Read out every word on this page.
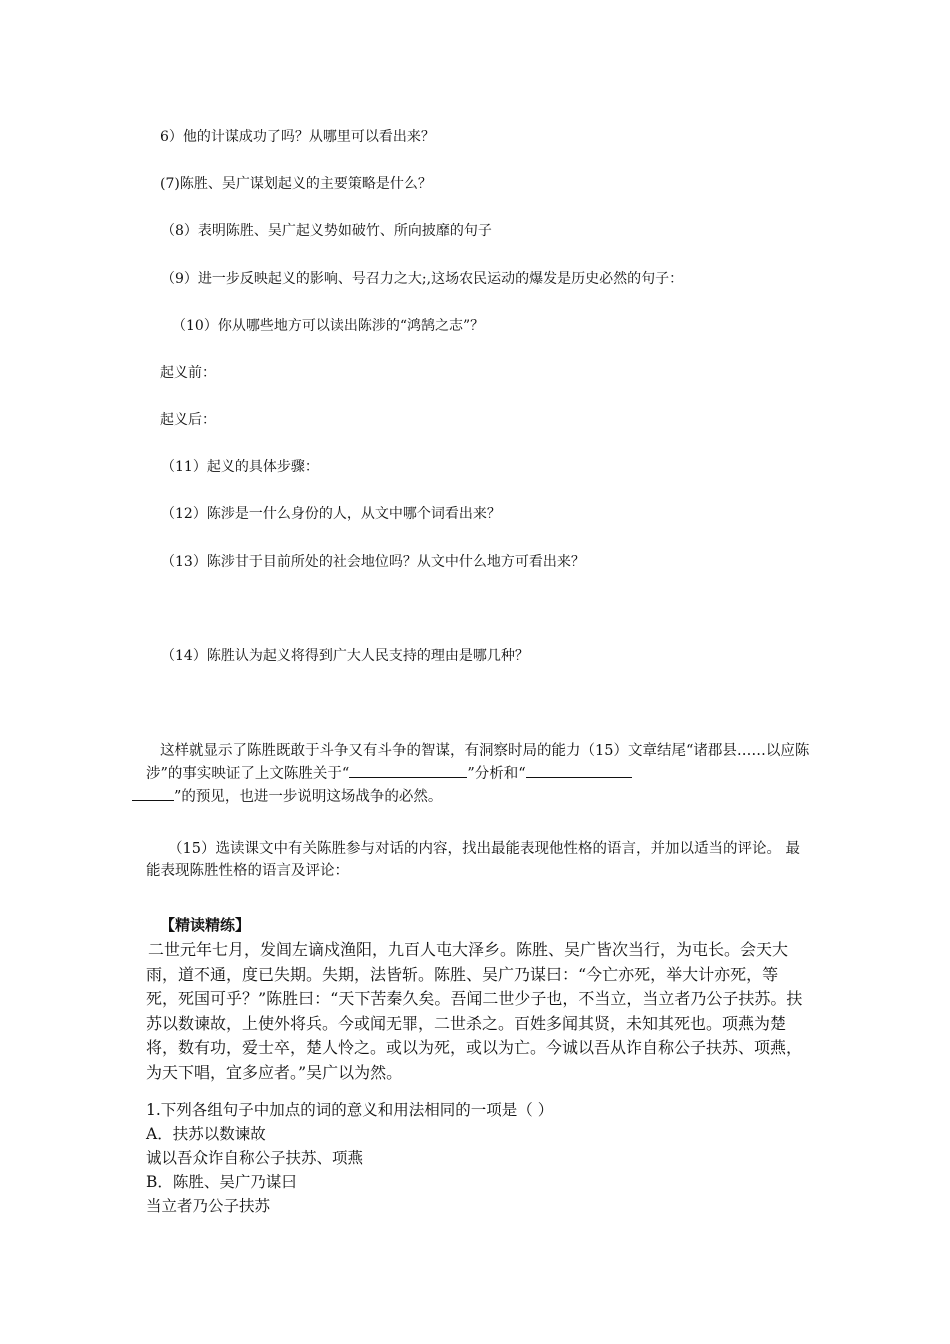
6）他的计谋成功了吗？从哪里可以看出来？
(7)陈胜、吴广谋划起义的主要策略是什么？
（8）表明陈胜、吴广起义势如破竹、所向披靡的句子
（9）进一步反映起义的影响、号召力之大;,这场农民运动的爆发是历史必然的句子：
（10）你从哪些地方可以读出陈涉的“鸿鹄之志”？
起义前：
起义后：
（11）起义的具体步骤：
（12）陈涉是一什么身份的人，从文中哪个词看出来？
（13）陈涉甘于目前所处的社会地位吗？从文中什么地方可看出来？
（14）陈胜认为起义将得到广大人民支持的理由是哪几种？
这样就显示了陈胜既敢于斗争又有斗争的智谋，有洞察时局的能力（15）文章结尾“诸郡县……以应陈涉”的事实映证了上文陈胜关于“	”分析和“
”的预见，也进一步说明这场战争的必然。
（15）选读课文中有关陈胜参与对话的内容，找出最能表现他性格的语言，并加以适当的评论。 最能表现陈胜性格的语言及评论：
【精读精练】
二世元年七月，发闾左谪戍渔阳，九百人屯大泽乡。陈胜、吴广皆次当行，为屯长。会天大雨，道不通，度已失期。失期，法皆斩。陈胜、吴广乃谋曰：“今亡亦死，举大计亦死，等死，死国可乎？”陈胜曰：“天下苦秦久矣。吾闻二世少子也，不当立，当立者乃公子扶苏。扶苏以数谏故，上使外将兵。今或闻无罪，二世杀之。百姓多闻其贤，未知其死也。项燕为楚将，数有功，爱士卒，楚人怜之。或以为死，或以为亡。今诚以吾从诈自称公子扶苏、项燕，为天下唱，宜多应者。”吴广以为然。
1.下列各组句子中加点的词的意义和用法相同的一项是（ ）
A．扶苏以数谏故
诚以吾众诈自称公子扶苏、项燕
B．陈胜、吴广乃谋曰
当立者乃公子扶苏
